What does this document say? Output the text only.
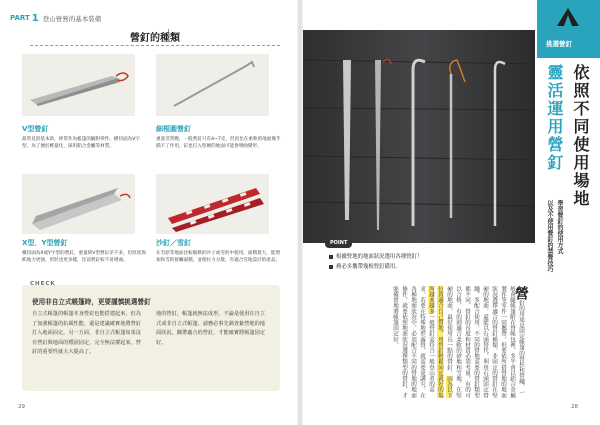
PART 1 登山營營的基本裝備
營釘的種類
V型營釘
最常見的基本款，經常作為帳篷的隨附零件。横切面為V字型，為了便於輕量化，採用鋁合金屬等材質。
細棍圓營釘
重量非常輕，一般營釘只有4~7克，但因比在柔軟的地面幾乎插不了作用，釘也打入堅硬的地面可能會彎曲變形。
X型．Y型營釘
橫切面為X或Y字型的營釘，重量與V型營釘差不多，但厚度與抓地力更強，形狀也更多樣，比前營釘較不易彎曲。
沙釘／雪釘
在雪原等地面比較鬆軟的沙子或雪的中使用，面積寬大，能增加和雪的接觸面積，並使拉力分散，有適合雪地設計的產品。
CHECK
使用非自立式帳篷時，更要謹慎挑選營釘
自立式帳篷的帳篷本身營釘也能搭建起來，但為了加強帳篷的抗風性能，還是建議確實地將營釘打入地面固定。另一方面，非自立式帳篷如果沒有營釘與地面的穩固固定，完全無法撐起來，營釘的重要性就大大提高了。
地的營釘，帳篷就無法成形，不論是使用在自立式或非自立式帳篷，請務必事先調查紮營地的地面狀況，攜帶適合的營釘，才能確實將帳篷固定好。
29
挑選營釘
依照不同使用場地
靈活運用營釘
學習營釘的使用方式
以及不使用營釘的禁營技巧
POINT
根據營地的地面狀況選用各種營釘！
務必多攜帶幾根營釘備用。
營釘的用途是固定帳篷的營柱和營繩，一般會隨帳篷附在營帳包裡，多半會以鋁合金屬製作等零件一同攜帶，但要依所搭營地的地面狀況選擇適合的營釘種類。非固定的營釘在堅硬的地面，還能以石頭替代，利用石頭固定營繩，多配合使用。不同的營地需要的營釘類型都不同，營釘的長度和材質必須考量，有的可以合格，有的則適合柔軟的砂地和雪地。在堅硬的地面，最好使用長一點的營釘。因為以下位置適合自己營地，用營釘輕鬆固定就好的場所越來越多一般營釘需符合一般登山者的需求，若要在特殊地形露營，就需要更講究。在各種地面狀況中，必須配合不同的營地的地面條件，就要依照地面狀況選擇類型的營釘，才能確實地將帳篷固定好。
28
